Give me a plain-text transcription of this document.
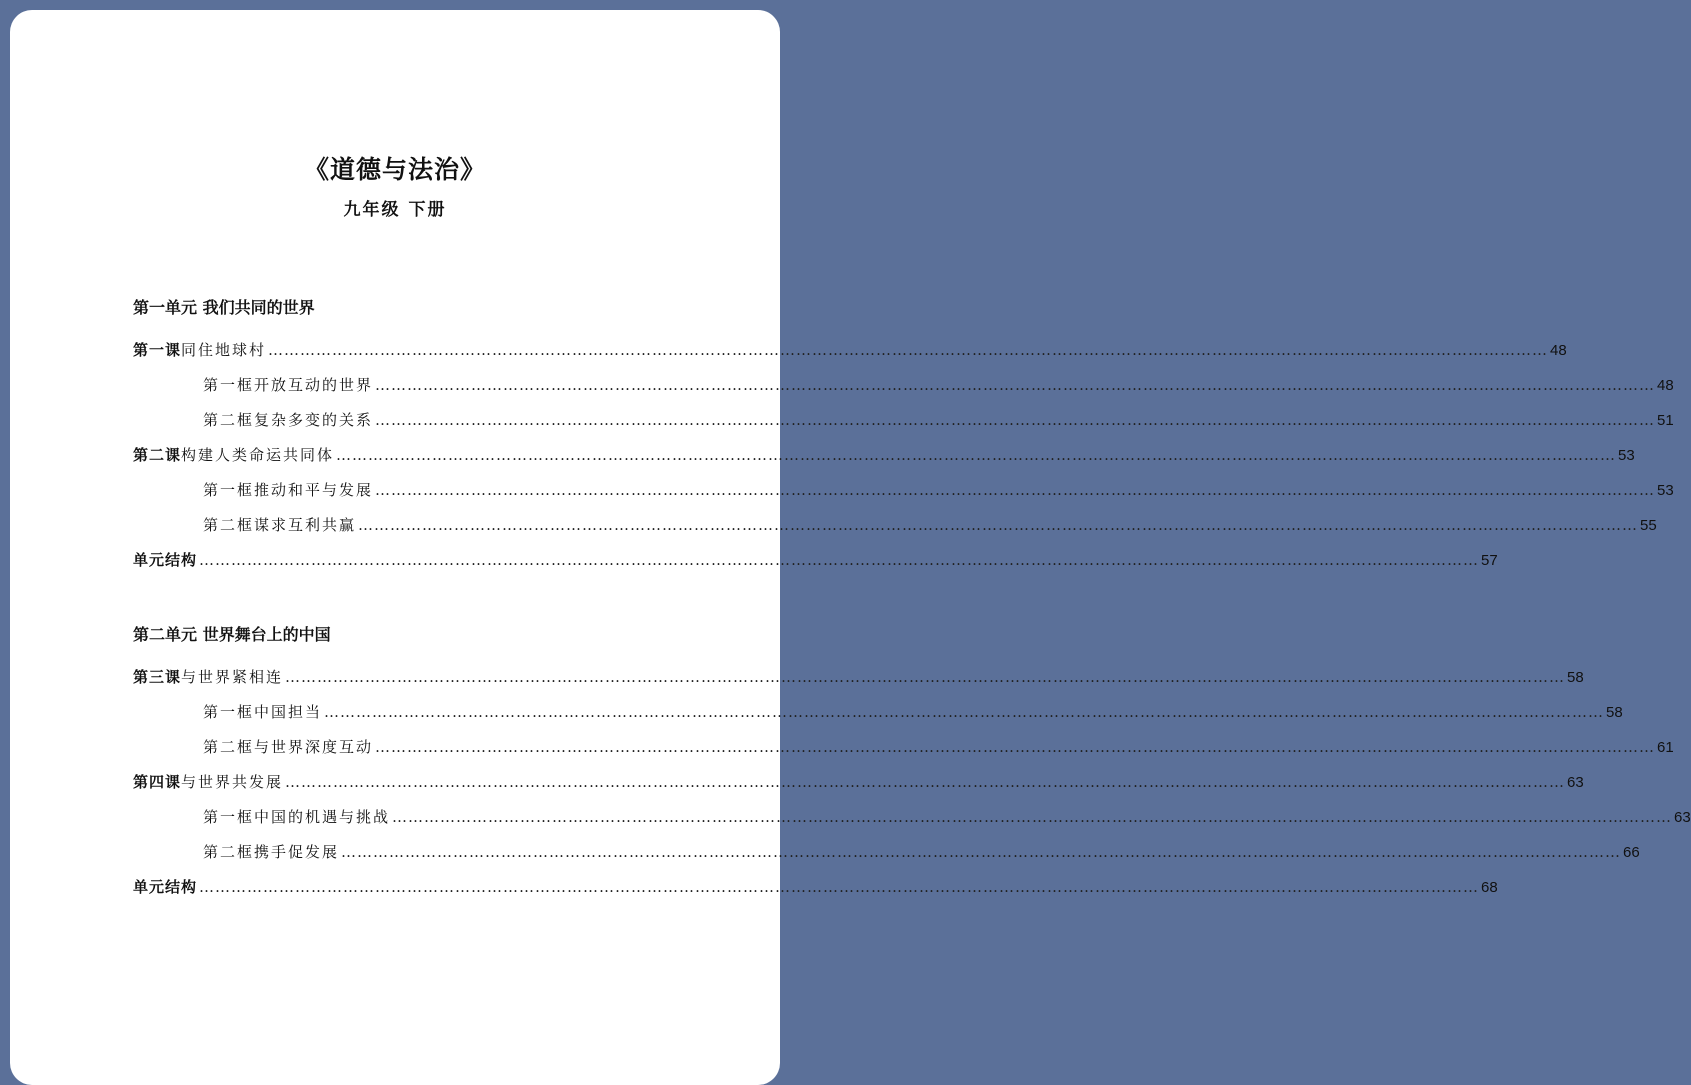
《道德与法治》
九年级 下册
第一单元 我们共同的世界
第一课 同住地球村 …………………………………………………………………………………………………………………………………………………………………………………………………………………… 48
第一框 开放互动的世界 …………………………………………………………………………………………………………………………………………………………………………………………………………………… 48
第二框 复杂多变的关系 …………………………………………………………………………………………………………………………………………………………………………………………………………………… 51
第二课 构建人类命运共同体 …………………………………………………………………………………………………………………………………………………………………………………………………………………… 53
第一框 推动和平与发展 …………………………………………………………………………………………………………………………………………………………………………………………………………………… 53
第二框 谋求互利共赢 …………………………………………………………………………………………………………………………………………………………………………………………………………………… 55
单元结构 …………………………………………………………………………………………………………………………………………………………………………………………………………………… 57
第二单元 世界舞台上的中国
第三课 与世界紧相连 …………………………………………………………………………………………………………………………………………………………………………………………………………………… 58
第一框 中国担当 …………………………………………………………………………………………………………………………………………………………………………………………………………………… 58
第二框 与世界深度互动 …………………………………………………………………………………………………………………………………………………………………………………………………………………… 61
第四课 与世界共发展 …………………………………………………………………………………………………………………………………………………………………………………………………………………… 63
第一框 中国的机遇与挑战 …………………………………………………………………………………………………………………………………………………………………………………………………………………… 63
第二框 携手促发展 …………………………………………………………………………………………………………………………………………………………………………………………………………………… 66
单元结构 …………………………………………………………………………………………………………………………………………………………………………………………………………………… 68
